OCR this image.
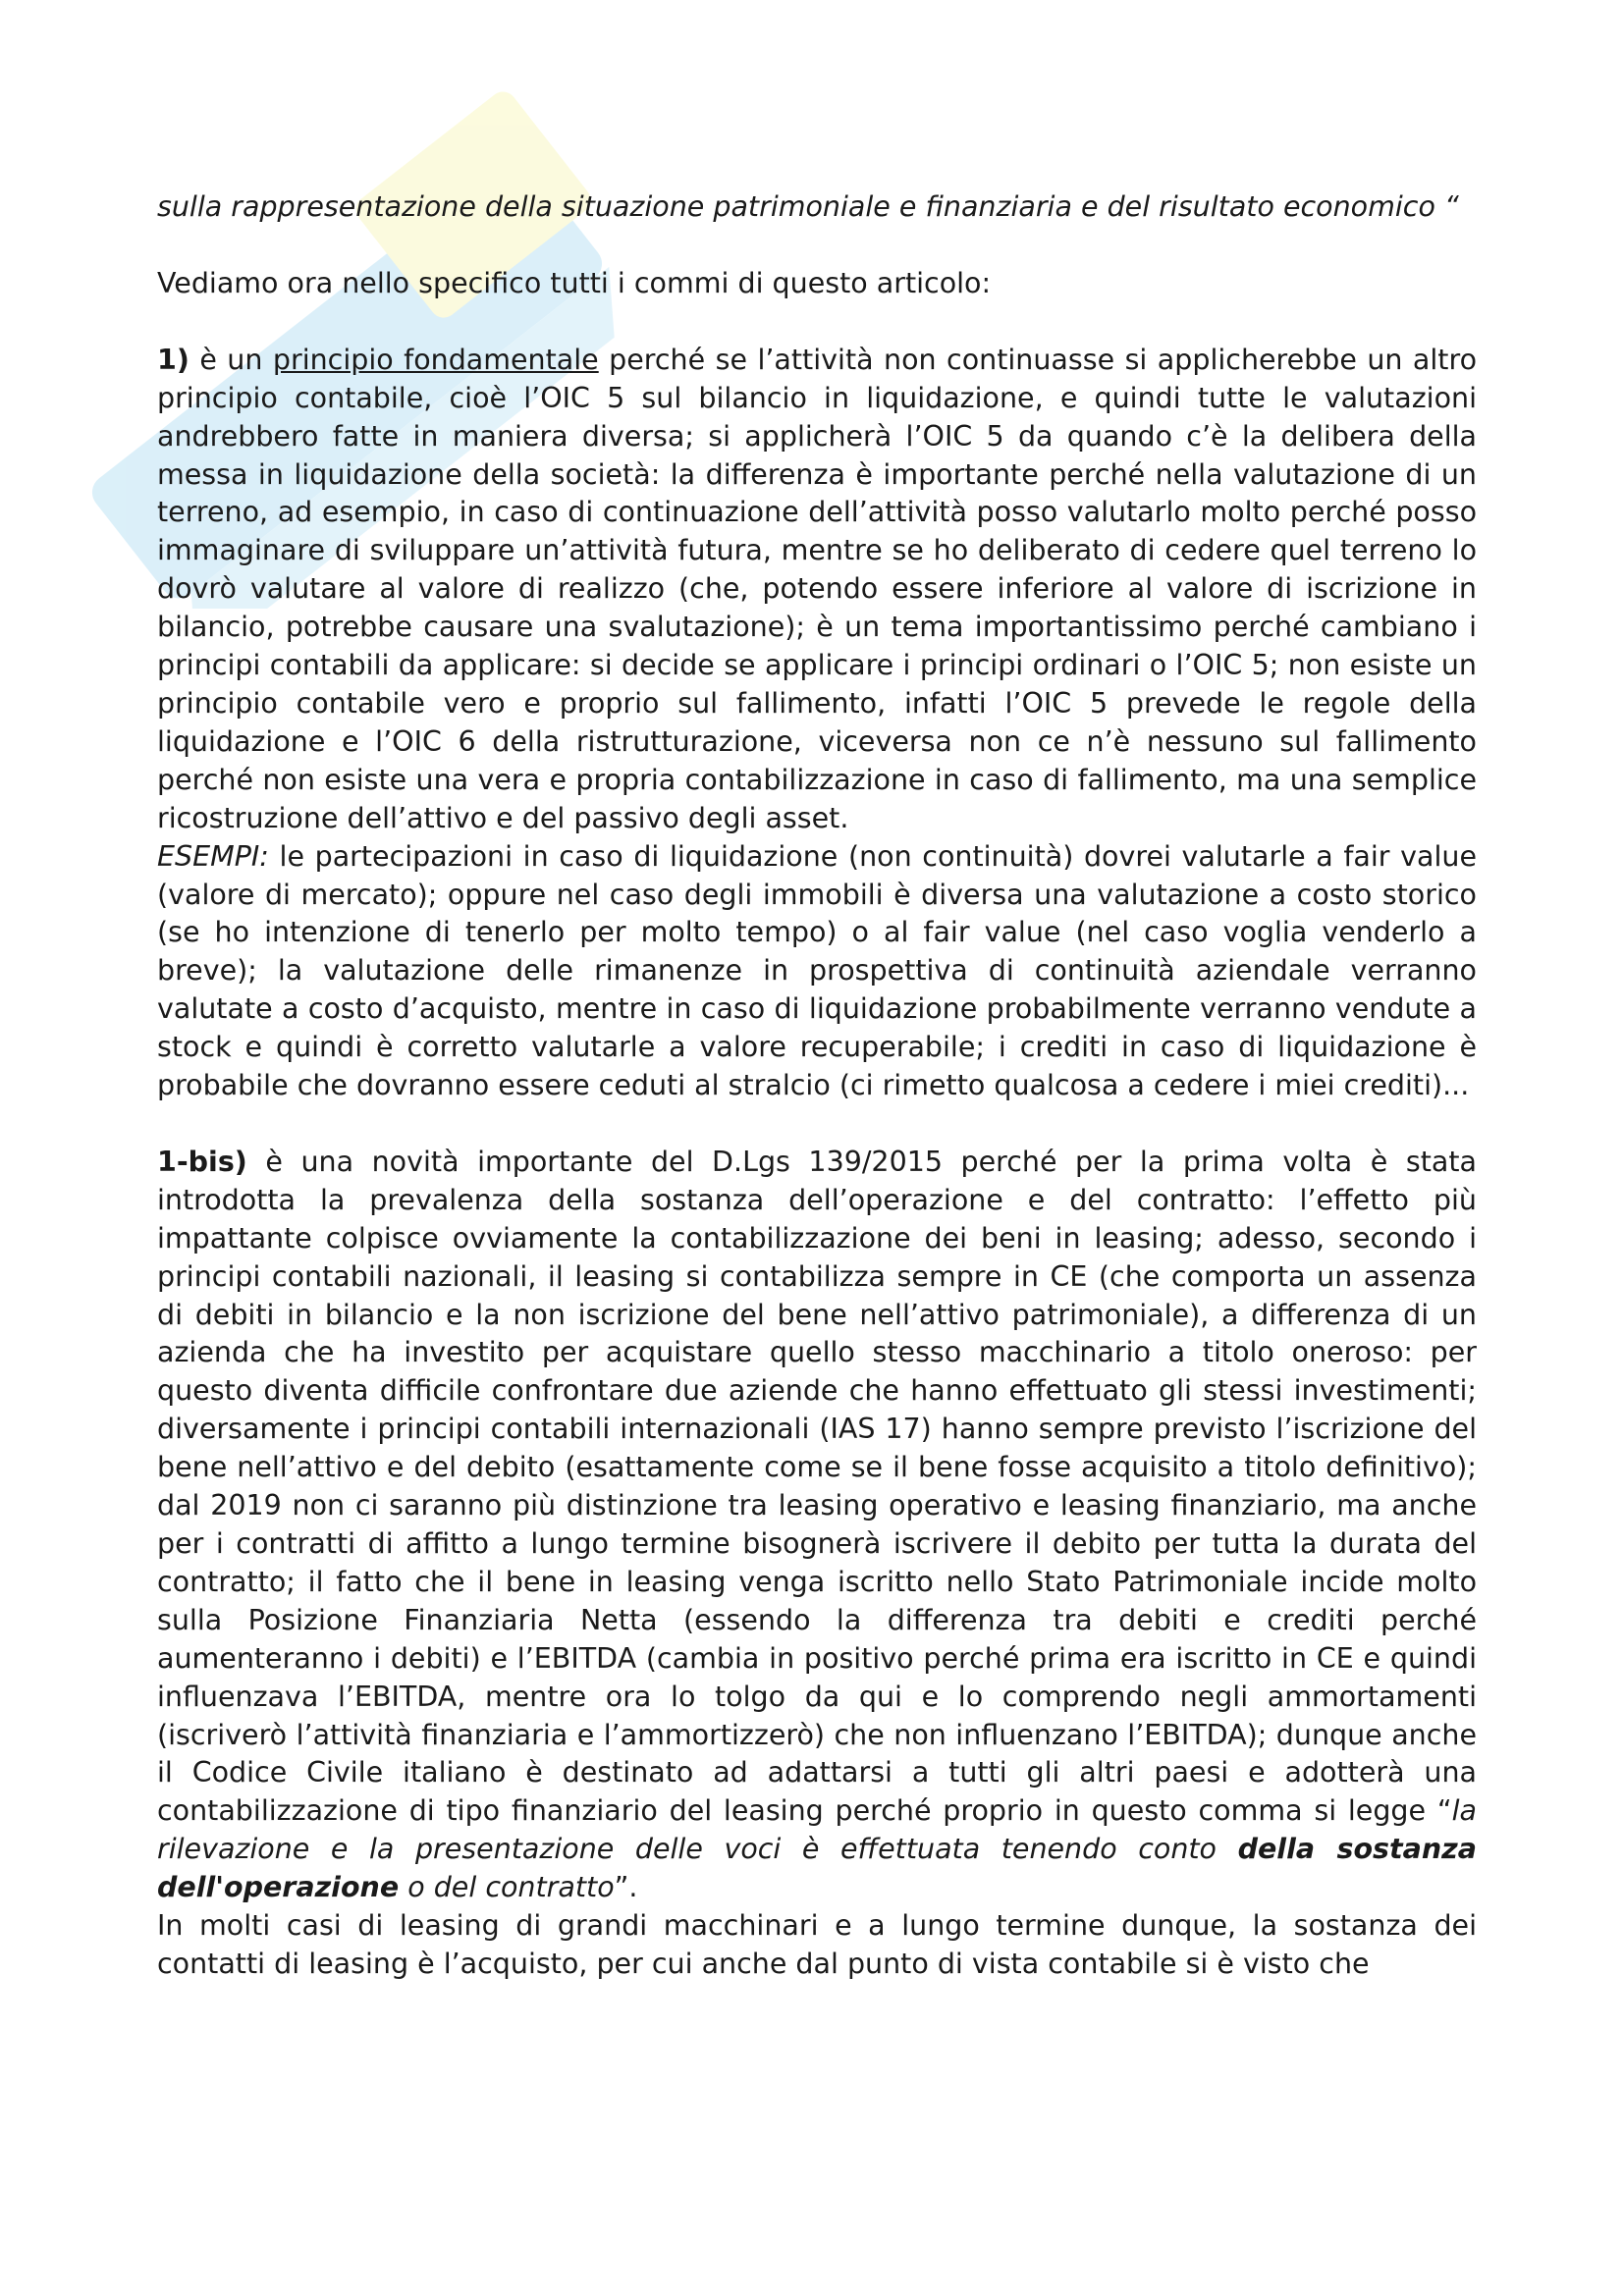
sulla rappresentazione della situazione patrimoniale e finanziaria e del risultato economico “

Vediamo ora nello specifico tutti i commi di questo articolo:

1) è un principio fondamentale perché se l’attività non continuasse si applicherebbe un altro principio contabile, cioè l’OIC 5 sul bilancio in liquidazione, e quindi tutte le valutazioni andrebbero fatte in maniera diversa; si applicherà l’OIC 5 da quando c’è la delibera della messa in liquidazione della società: la differenza è importante perché nella valutazione di un terreno, ad esempio, in caso di continuazione dell’attività posso valutarlo molto perché posso immaginare di sviluppare un’attività futura, mentre se ho deliberato di cedere quel terreno lo dovrò valutare al valore di realizzo (che, potendo essere inferiore al valore di iscrizione in bilancio, potrebbe causare una svalutazione); è un tema importantissimo perché cambiano i principi contabili da applicare: si decide se applicare i principi ordinari o l’OIC 5; non esiste un principio contabile vero e proprio sul fallimento, infatti l’OIC 5 prevede le regole della liquidazione e l’OIC 6 della ristrutturazione, viceversa non ce n’è nessuno sul fallimento perché non esiste una vera e propria contabilizzazione in caso di fallimento, ma una semplice ricostruzione dell’attivo e del passivo degli asset.

ESEMPI: le partecipazioni in caso di liquidazione (non continuità) dovrei valutarle a fair value (valore di mercato); oppure nel caso degli immobili è diversa una valutazione a costo storico (se ho intenzione di tenerlo per molto tempo) o al fair value (nel caso voglia venderlo a breve); la valutazione delle rimanenze in prospettiva di continuità aziendale verranno valutate a costo d’acquisto, mentre in caso di liquidazione probabilmente verranno vendute a stock e quindi è corretto valutarle a valore recuperabile; i crediti in caso di liquidazione è probabile che dovranno essere ceduti al stralcio (ci rimetto qualcosa a cedere i miei crediti)...

1-bis) è una novità importante del D.Lgs 139/2015 perché per la prima volta è stata introdotta la prevalenza della sostanza dell’operazione e del contratto: l’effetto più impattante colpisce ovviamente la contabilizzazione dei beni in leasing; adesso, secondo i principi contabili nazionali, il leasing si contabilizza sempre in CE (che comporta un assenza di debiti in bilancio e la non iscrizione del bene nell’attivo patrimoniale), a differenza di un azienda che ha investito per acquistare quello stesso macchinario a titolo oneroso: per questo diventa difficile confrontare due aziende che hanno effettuato gli stessi investimenti; diversamente i principi contabili internazionali (IAS 17) hanno sempre previsto l’iscrizione del bene nell’attivo e del debito (esattamente come se il bene fosse acquisito a titolo definitivo); dal 2019 non ci saranno più distinzione tra leasing operativo e leasing finanziario, ma anche per i contratti di affitto a lungo termine bisognerà iscrivere il debito per tutta la durata del contratto; il fatto che il bene in leasing venga iscritto nello Stato Patrimoniale incide molto sulla Posizione Finanziaria Netta (essendo la differenza tra debiti e crediti perché aumenteranno i debiti) e l’EBITDA (cambia in positivo perché prima era iscritto in CE e quindi influenzava l’EBITDA, mentre ora lo tolgo da qui e lo comprendo negli ammortamenti (iscriverò l’attività finanziaria e l’ammortizzerò) che non influenzano l’EBITDA); dunque anche il Codice Civile italiano è destinato ad adattarsi a tutti gli altri paesi e adotterà una contabilizzazione di tipo finanziario del leasing perché proprio in questo comma si legge “la rilevazione e la presentazione delle voci è effettuata tenendo conto della sostanza dell'operazione o del contratto”.

In molti casi di leasing di grandi macchinari e a lungo termine dunque, la sostanza dei contatti di leasing è l’acquisto, per cui anche dal punto di vista contabile si è visto che
